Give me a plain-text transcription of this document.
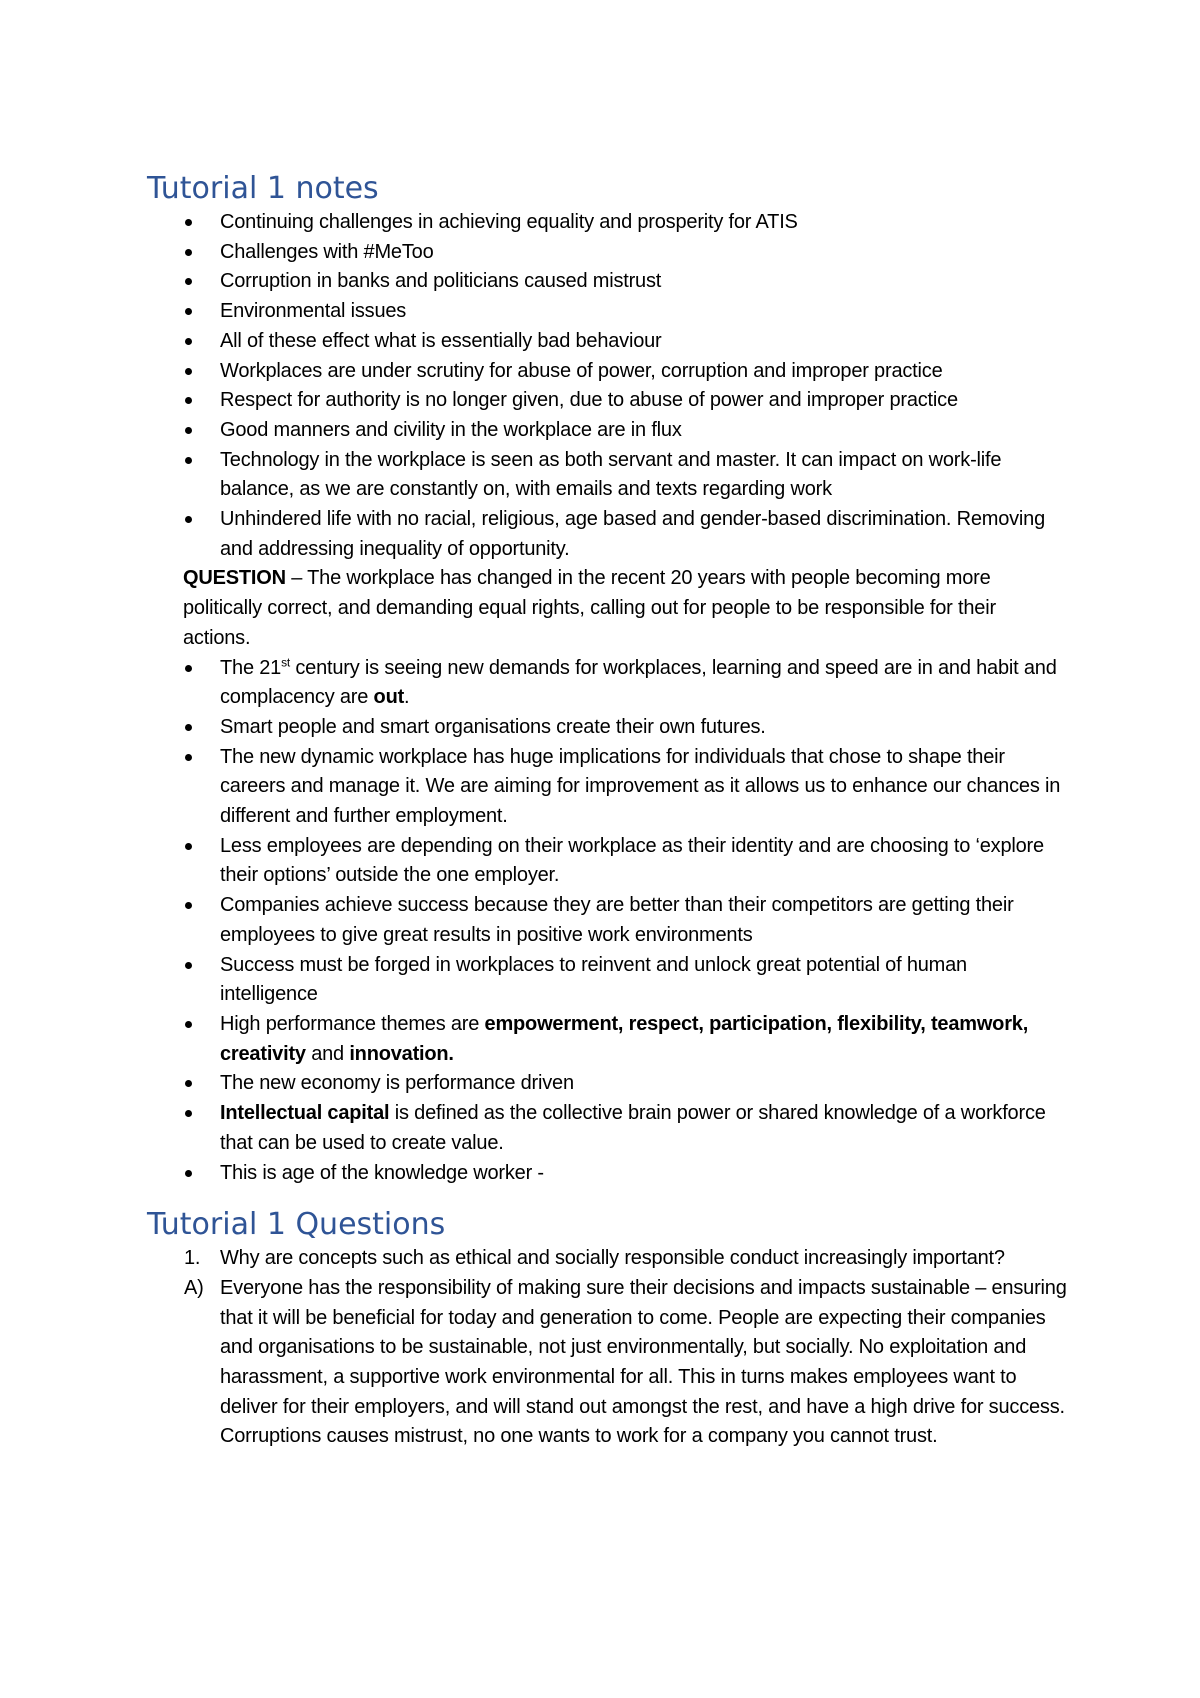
Tutorial 1 notes
Continuing challenges in achieving equality and prosperity for ATIS
Challenges with #MeToo
Corruption in banks and politicians caused mistrust
Environmental issues
All of these effect what is essentially bad behaviour
Workplaces are under scrutiny for abuse of power, corruption and improper practice
Respect for authority is no longer given, due to abuse of power and improper practice
Good manners and civility in the workplace are in flux
Technology in the workplace is seen as both servant and master. It can impact on work-life balance, as we are constantly on, with emails and texts regarding work
Unhindered life with no racial, religious, age based and gender-based discrimination. Removing and addressing inequality of opportunity.

QUESTION – The workplace has changed in the recent 20 years with people becoming more politically correct, and demanding equal rights, calling out for people to be responsible for their actions.

The 21st century is seeing new demands for workplaces, learning and speed are in and habit and complacency are out.
Smart people and smart organisations create their own futures.
The new dynamic workplace has huge implications for individuals that chose to shape their careers and manage it. We are aiming for improvement as it allows us to enhance our chances in different and further employment.
Less employees are depending on their workplace as their identity and are choosing to ‘explore their options’ outside the one employer.
Companies achieve success because they are better than their competitors are getting their employees to give great results in positive work environments
Success must be forged in workplaces to reinvent and unlock great potential of human intelligence
High performance themes are empowerment, respect, participation, flexibility, teamwork, creativity and innovation.
The new economy is performance driven
Intellectual capital is defined as the collective brain power or shared knowledge of a workforce that can be used to create value.
This is age of the knowledge worker -
Tutorial 1 Questions
1. Why are concepts such as ethical and socially responsible conduct increasingly important?
A) Everyone has the responsibility of making sure their decisions and impacts sustainable – ensuring that it will be beneficial for today and generation to come. People are expecting their companies and organisations to be sustainable, not just environmentally, but socially. No exploitation and harassment, a supportive work environmental for all. This in turns makes employees want to deliver for their employers, and will stand out amongst the rest, and have a high drive for success. Corruptions causes mistrust, no one wants to work for a company you cannot trust.
